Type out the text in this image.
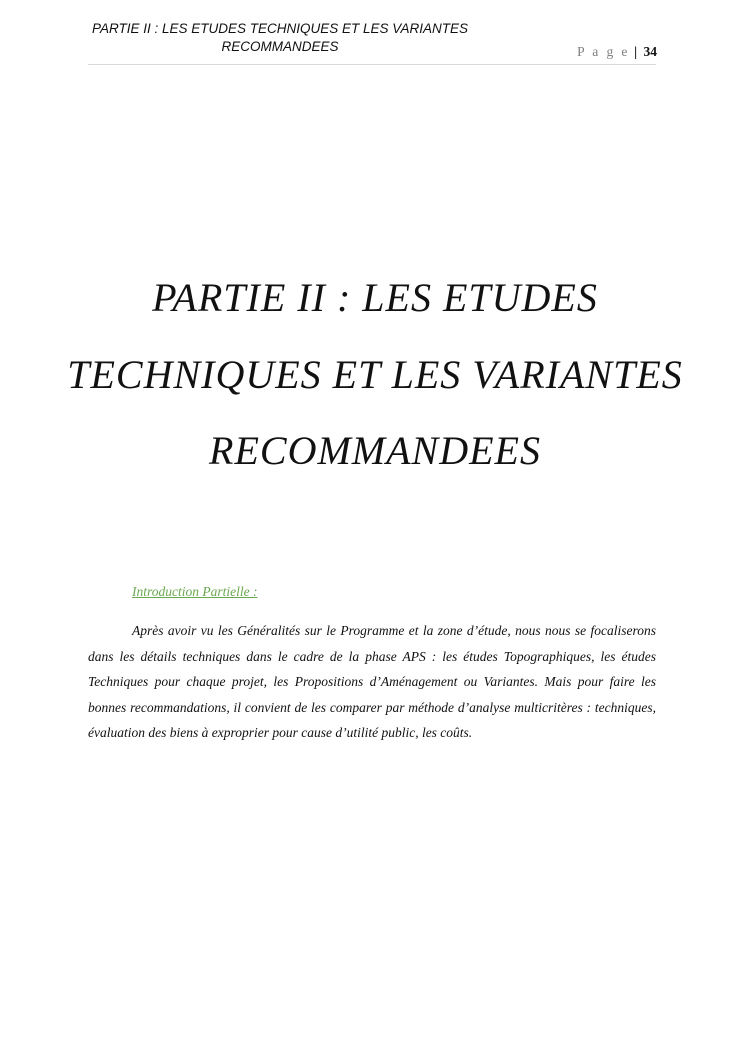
PARTIE II : LES ETUDES TECHNIQUES ET LES VARIANTES RECOMMANDEES	P a g e | 34
PARTIE II : LES ETUDES TECHNIQUES ET LES VARIANTES RECOMMANDEES
Introduction Partielle :

Après avoir vu les Généralités sur le Programme et la zone d’étude, nous nous se focaliserons dans les détails techniques dans le cadre de la phase APS : les études Topographiques, les études Techniques pour chaque projet, les Propositions d’Aménagement ou Variantes. Mais pour faire les bonnes recommandations, il convient de les comparer par méthode d’analyse multicritères : techniques, évaluation des biens à exproprier pour cause d’utilité public, les coûts.
